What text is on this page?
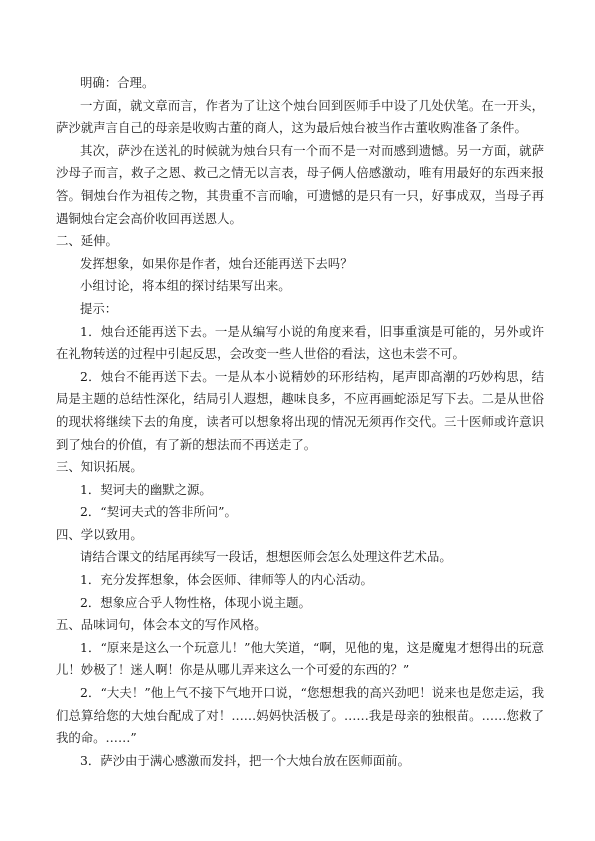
明确：合理。

一方面，就文章而言，作者为了让这个烛台回到医师手中设了几处伏笔。在一开头，萨沙就声言自己的母亲是收购古董的商人，这为最后烛台被当作古董收购准备了条件。

其次，萨沙在送礼的时候就为烛台只有一个而不是一对而感到遗憾。另一方面，就萨沙母子而言，救子之恩、救己之情无以言表，母子俩人倍感激动，唯有用最好的东西来报答。铜烛台作为祖传之物，其贵重不言而喻，可遗憾的是只有一只，好事成双，当母子再遇铜烛台定会高价收回再送恩人。

二、延伸。

发挥想象，如果你是作者，烛台还能再送下去吗？

小组讨论，将本组的探讨结果写出来。

提示：

1．烛台还能再送下去。一是从编写小说的角度来看，旧事重演是可能的，另外或许在礼物转送的过程中引起反思，会改变一些人世俗的看法，这也未尝不可。

2．烛台不能再送下去。一是从本小说精妙的环形结构，尾声即高潮的巧妙构思，结局是主题的总结性深化，结局引人遐想，趣味良多，不应再画蛇添足写下去。二是从世俗的现状将继续下去的角度，读者可以想象将出现的情况无须再作交代。三十医师或许意识到了烛台的价值，有了新的想法而不再送走了。

三、知识拓展。

1．契诃夫的幽默之源。

2．“契诃夫式的答非所问”。

四、学以致用。

请结合课文的结尾再续写一段话，想想医师会怎么处理这件艺术品。

1．充分发挥想象，体会医师、律师等人的内心活动。

2．想象应合乎人物性格，体现小说主题。

五、品味词句，体会本文的写作风格。

1．“原来是这么一个玩意儿！”他大笑道，“啊，见他的鬼，这是魔鬼才想得出的玩意儿！妙极了！迷人啊！你是从哪儿弄来这么一个可爱的东西的？”

2．“大夫！”他上气不接下气地开口说，“您想想我的高兴劲吧！说来也是您走运，我们总算给您的大烛台配成了对！……妈妈快活极了。……我是母亲的独根苗。……您救了我的命。……”

3．萨沙由于满心感激而发抖，把一个大烛台放在医师面前。
